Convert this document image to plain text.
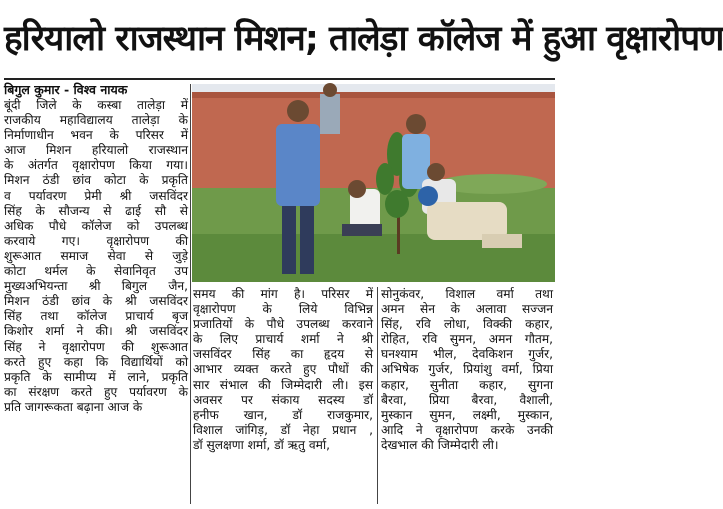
हरियालो राजस्थान मिशन; तालेड़ा कॉलेज में हुआ वृक्षारोपण
बिगुल कुमार - विश्व नायक

बूंदी जिले के कस्बा तालेड़ा में

राजकीय महाविद्यालय तालेड़ा के

निर्माणाधीन भवन के परिसर में

आज मिशन हरियालो राजस्थान

के अंतर्गत वृक्षारोपण किया गया।

मिशन ठंडी छांव कोटा के प्रकृति

व पर्यावरण प्रेमी श्री जसविंदर

सिंह के सौजन्य से ढाई सौ से

अधिक पौधे कॉलेज को उपलब्ध

करवाये गए। वृक्षारोपण की

शुरूआत समाज सेवा से जुड़े

कोटा थर्मल के सेवानिवृत उप

मुख्यअभियन्ता श्री बिगुल जैन,

मिशन ठंडी छांव के श्री जसविंदर

सिंह तथा कॉलेज प्राचार्य बृज

किशोर शर्मा ने की। श्री जसविंदर

सिंह ने वृक्षारोपण की शुरूआत

करते हुए कहा कि विद्यार्थियों को

प्रकृति के सामीप्य में लाने, प्रकृति

का संरक्षण करते हुए पर्यावरण के

प्रति जागरूकता बढ़ाना आज के

समय की मांग है। परिसर में

वृक्षारोपण के लिये विभिन्न

प्रजातियों के पौधे उपलब्ध करवाने

के लिए प्राचार्य शर्मा ने श्री

जसविंदर सिंह का हृदय से

आभार व्यक्त करते हुए पौधों की

सार संभाल की जिम्मेदारी ली। इस

अवसर पर संकाय सदस्य डॉ

हनीफ खान, डॉ राजकुमार,

विशाल जांगिड़, डॉ नेहा प्रधान ,

डॉ सुलक्षणा शर्मा, डॉ ऋतु वर्मा,

सोनुकंवर, विशाल वर्मा तथा

अमन सेन के अलावा सज्जन

सिंह, रवि लोधा, विक्की कहार,

रोहित, रवि सुमन, अमन गौतम,

घनश्याम भील, देवकिशन गुर्जर,

अभिषेक गुर्जर, प्रियांशु वर्मा, प्रिया

कहार, सुनीता कहार, सुगना

बैरवा, प्रिया बैरवा, वैशाली,

मुस्कान सुमन, लक्ष्मी, मुस्कान,

आदि ने वृक्षारोपण करके उनकी

देखभाल की जिम्मेदारी ली।
